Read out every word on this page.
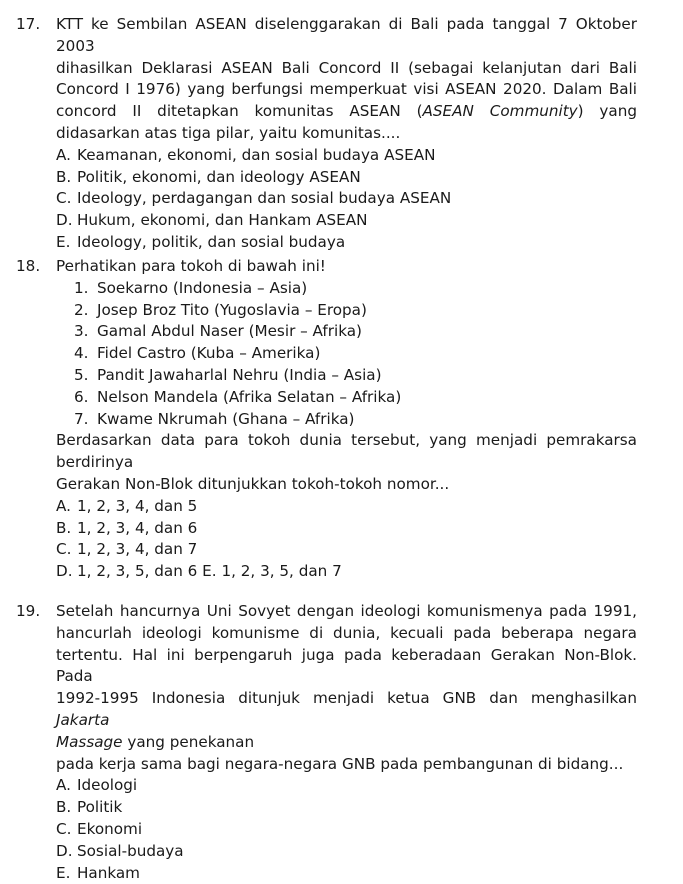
17. KTT ke Sembilan ASEAN diselenggarakan di Bali pada tanggal 7 Oktober 2003

dihasilkan Deklarasi ASEAN Bali Concord II (sebagai kelanjutan dari Bali

Concord I 1976) yang berfungsi memperkuat visi ASEAN 2020. Dalam Bali

concord II ditetapkan komunitas ASEAN (ASEAN Community) yang

didasarkan atas tiga pilar, yaitu komunitas....

A. Keamanan, ekonomi, dan sosial budaya ASEAN
B. Politik, ekonomi, dan ideology ASEAN
C. Ideology, perdagangan dan sosial budaya ASEAN
D. Hukum, ekonomi, dan Hankam ASEAN
E. Ideology, politik, dan sosial budaya
18. Perhatikan para tokoh di bawah ini!

1. Soekarno (Indonesia – Asia)
2. Josep Broz Tito (Yugoslavia – Eropa)
3. Gamal Abdul Naser (Mesir – Afrika)
4. Fidel Castro (Kuba – Amerika)
5. Pandit Jawaharlal Nehru (India – Asia)
6. Nelson Mandela (Afrika Selatan – Afrika)
7. Kwame Nkrumah (Ghana – Afrika)

Berdasarkan data para tokoh dunia tersebut, yang menjadi pemrakarsa

berdirinya

Gerakan Non-Blok ditunjukkan tokoh-tokoh nomor...

A. 1, 2, 3, 4, dan 5
B. 1, 2, 3, 4, dan 6
C. 1, 2, 3, 4, dan 7
D. 1, 2, 3, 5, dan 6
E. 1, 2, 3, 5, dan 7
19. Setelah hancurnya Uni Sovyet dengan ideologi komunismenya pada 1991,

hancurlah ideologi komunisme di dunia, kecuali pada beberapa negara

tertentu. Hal ini berpengaruh juga pada keberadaan Gerakan Non-Blok. Pada

1992-1995 Indonesia ditunjuk menjadi ketua GNB dan menghasilkan Jakarta

Massage yang penekanan

pada kerja sama bagi negara-negara GNB pada pembangunan di bidang...

A. Ideologi
B. Politik
C. Ekonomi
D. Sosial-budaya
E. Hankam
